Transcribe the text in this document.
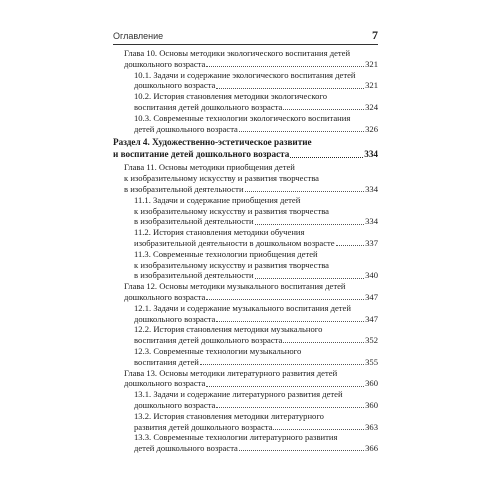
Оглавление	7
Глава 10. Основы методики экологического воспитания детей
дошкольного возраста	321
10.1. Задачи и содержание экологического воспитания детей
дошкольного возраста	321
10.2. История становления методики экологического
воспитания детей дошкольного возраста	324
10.3. Современные технологии экологического воспитания
детей дошкольного возраста	326
Раздел 4. Художественно-эстетическое развитие
и воспитание детей дошкольного возраста	334
Глава 11. Основы методики приобщения детей
к изобразительному искусству и развития творчества
в изобразительной деятельности	334
11.1. Задачи и содержание приобщения детей
к изобразительному искусству и развития творчества
в изобразительной деятельности	334
11.2. История становления методики обучения
изобразительной деятельности в дошкольном возрасте	337
11.3. Современные технологии приобщения детей
к изобразительному искусству и развития творчества
в изобразительной деятельности	340
Глава 12. Основы методики музыкального воспитания детей
дошкольного возраста	347
12.1. Задачи и содержание музыкального воспитания детей
дошкольного возраста	347
12.2. История становления методики музыкального
воспитания детей дошкольного возраста	352
12.3. Современные технологии музыкального
воспитания детей	355
Глава 13. Основы методики литературного развития детей
дошкольного возраста	360
13.1. Задачи и содержание литературного развития детей
дошкольного возраста	360
13.2. История становления методики литературного
развития детей дошкольного возраста	363
13.3. Современные технологии литературного развития
детей дошкольного возраста	366
